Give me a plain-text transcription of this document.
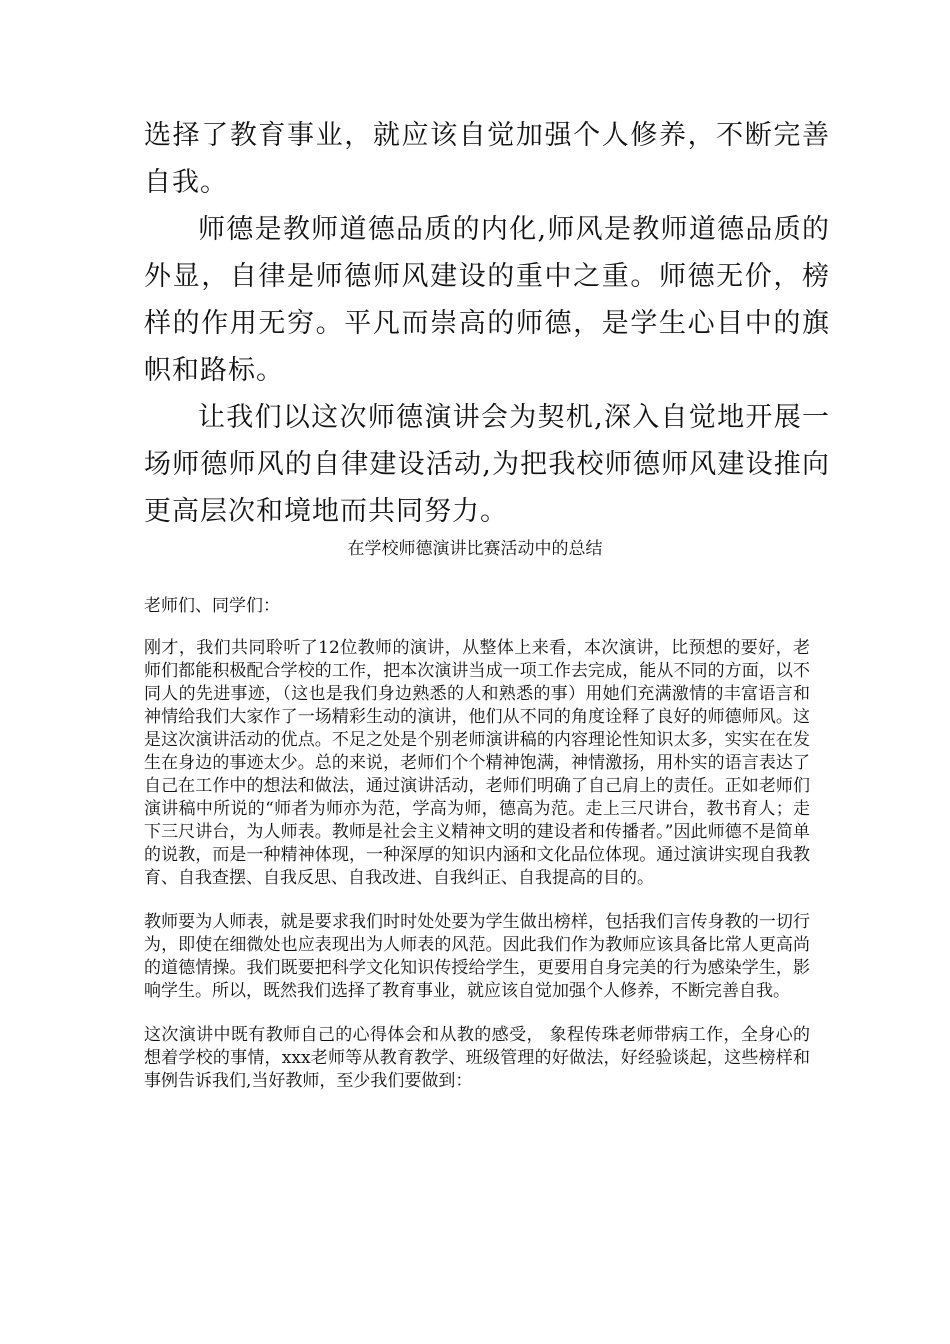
选择了教育事业，就应该自觉加强个人修养，不断完善自我。

师德是教师道德品质的内化,师风是教师道德品质的外显，自律是师德师风建设的重中之重。师德无价，榜样的作用无穷。平凡而崇高的师德，是学生心目中的旗帜和路标。

让我们以这次师德演讲会为契机,深入自觉地开展一场师德师风的自律建设活动,为把我校师德师风建设推向更高层次和境地而共同努力。

在学校师德演讲比赛活动中的总结

老师们、同学们：

刚才，我们共同聆听了12位教师的演讲，从整体上来看，本次演讲，比预想的要好，老师们都能积极配合学校的工作，把本次演讲当成一项工作去完成，能从不同的方面，以不同人的先进事迹，（这也是我们身边熟悉的人和熟悉的事）用她们充满激情的丰富语言和神情给我们大家作了一场精彩生动的演讲，他们从不同的角度诠释了良好的师德师风。这是这次演讲活动的优点。不足之处是个别老师演讲稿的内容理论性知识太多，实实在在发生在身边的事迹太少。总的来说，老师们个个精神饱满，神情激扬，用朴实的语言表达了自己在工作中的想法和做法，通过演讲活动，老师们明确了自己肩上的责任。正如老师们演讲稿中所说的“师者为师亦为范，学高为师，德高为范。走上三尺讲台，教书育人；走下三尺讲台，为人师表。教师是社会主义精神文明的建设者和传播者。”因此师德不是简单的说教，而是一种精神体现，一种深厚的知识内涵和文化品位体现。通过演讲实现自我教育、自我查摆、自我反思、自我改进、自我纠正、自我提高的目的。

教师要为人师表，就是要求我们时时处处要为学生做出榜样，包括我们言传身教的一切行为，即使在细微处也应表现出为人师表的风范。因此我们作为教师应该具备比常人更高尚的道德情操。我们既要把科学文化知识传授给学生，更要用自身完美的行为感染学生，影响学生。所以，既然我们选择了教育事业，就应该自觉加强个人修养，不断完善自我。

这次演讲中既有教师自己的心得体会和从教的感受， 象程传珠老师带病工作，全身心的想着学校的事情，xxx老师等从教育教学、班级管理的好做法，好经验谈起，这些榜样和事例告诉我们,当好教师，至少我们要做到：
